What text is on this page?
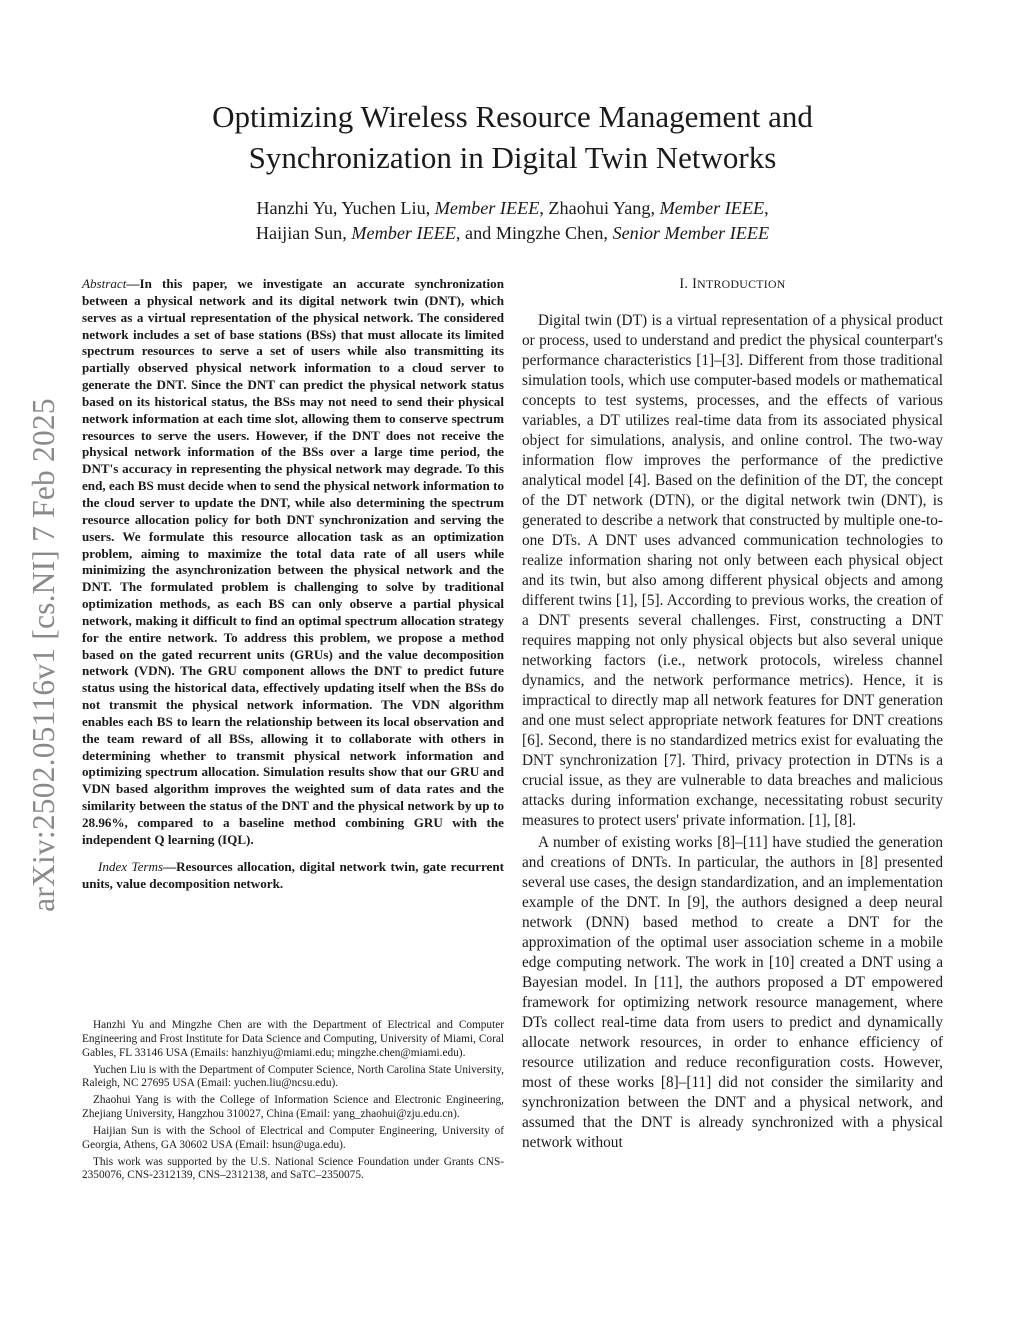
arXiv:2502.05116v1 [cs.NI] 7 Feb 2025
Optimizing Wireless Resource Management and
Synchronization in Digital Twin Networks

Hanzhi Yu, Yuchen Liu, Member IEEE, Zhaohui Yang, Member IEEE,
Haijian Sun, Member IEEE, and Mingzhe Chen, Senior Member IEEE

Abstract—In this paper, we investigate an accurate synchronization between a physical network and its digital network twin (DNT), which serves as a virtual representation of the physical network. The considered network includes a set of base stations (BSs) that must allocate its limited spectrum resources to serve a set of users while also transmitting its partially observed physical network information to a cloud server to generate the DNT. Since the DNT can predict the physical network status based on its historical status, the BSs may not need to send their physical network information at each time slot, allowing them to conserve spectrum resources to serve the users. However, if the DNT does not receive the physical network information of the BSs over a large time period, the DNT's accuracy in representing the physical network may degrade. To this end, each BS must decide when to send the physical network information to the cloud server to update the DNT, while also determining the spectrum resource allocation policy for both DNT synchronization and serving the users. We formulate this resource allocation task as an optimization problem, aiming to maximize the total data rate of all users while minimizing the asynchronization between the physical network and the DNT. The formulated problem is challenging to solve by traditional optimization methods, as each BS can only observe a partial physical network, making it difficult to find an optimal spectrum allocation strategy for the entire network. To address this problem, we propose a method based on the gated recurrent units (GRUs) and the value decomposition network (VDN). The GRU component allows the DNT to predict future status using the historical data, effectively updating itself when the BSs do not transmit the physical network information. The VDN algorithm enables each BS to learn the relationship between its local observation and the team reward of all BSs, allowing it to collaborate with others in determining whether to transmit physical network information and optimizing spectrum allocation. Simulation results show that our GRU and VDN based algorithm improves the weighted sum of data rates and the similarity between the status of the DNT and the physical network by up to 28.96%, compared to a baseline method combining GRU with the independent Q learning (IQL).

Index Terms—Resources allocation, digital network twin, gate recurrent units, value decomposition network.

Hanzhi Yu and Mingzhe Chen are with the Department of Electrical and Computer Engineering and Frost Institute for Data Science and Computing, University of Miami, Coral Gables, FL 33146 USA (Emails: hanzhiyu@miami.edu; mingzhe.chen@miami.edu).

Yuchen Liu is with the Department of Computer Science, North Carolina State University, Raleigh, NC 27695 USA (Email: yuchen.liu@ncsu.edu).

Zhaohui Yang is with the College of Information Science and Electronic Engineering, Zhejiang University, Hangzhou 310027, China (Email: yang_zhaohui@zju.edu.cn).

Haijian Sun is with the School of Electrical and Computer Engineering, University of Georgia, Athens, GA 30602 USA (Email: hsun@uga.edu).

This work was supported by the U.S. National Science Foundation under Grants CNS-2350076, CNS-2312139, CNS–2312138, and SaTC–2350075.

I. INTRODUCTION

Digital twin (DT) is a virtual representation of a physical product or process, used to understand and predict the physical counterpart's performance characteristics [1]–[3]. Different from those traditional simulation tools, which use computer-based models or mathematical concepts to test systems, processes, and the effects of various variables, a DT utilizes real-time data from its associated physical object for simulations, analysis, and online control. The two-way information flow improves the performance of the predictive analytical model [4]. Based on the definition of the DT, the concept of the DT network (DTN), or the digital network twin (DNT), is generated to describe a network that constructed by multiple one-to-one DTs. A DNT uses advanced communication technologies to realize information sharing not only between each physical object and its twin, but also among different physical objects and among different twins [1], [5]. According to previous works, the creation of a DNT presents several challenges. First, constructing a DNT requires mapping not only physical objects but also several unique networking factors (i.e., network protocols, wireless channel dynamics, and the network performance metrics). Hence, it is impractical to directly map all network features for DNT generation and one must select appropriate network features for DNT creations [6]. Second, there is no standardized metrics exist for evaluating the DNT synchronization [7]. Third, privacy protection in DTNs is a crucial issue, as they are vulnerable to data breaches and malicious attacks during information exchange, necessitating robust security measures to protect users' private information. [1], [8].

A number of existing works [8]–[11] have studied the generation and creations of DNTs. In particular, the authors in [8] presented several use cases, the design standardization, and an implementation example of the DNT. In [9], the authors designed a deep neural network (DNN) based method to create a DNT for the approximation of the optimal user association scheme in a mobile edge computing network. The work in [10] created a DNT using a Bayesian model. In [11], the authors proposed a DT empowered framework for optimizing network resource management, where DTs collect real-time data from users to predict and dynamically allocate network resources, in order to enhance efficiency of resource utilization and reduce reconfiguration costs. However, most of these works [8]–[11] did not consider the similarity and synchronization between the DNT and a physical network, and assumed that the DNT is already synchronized with a physical network without
